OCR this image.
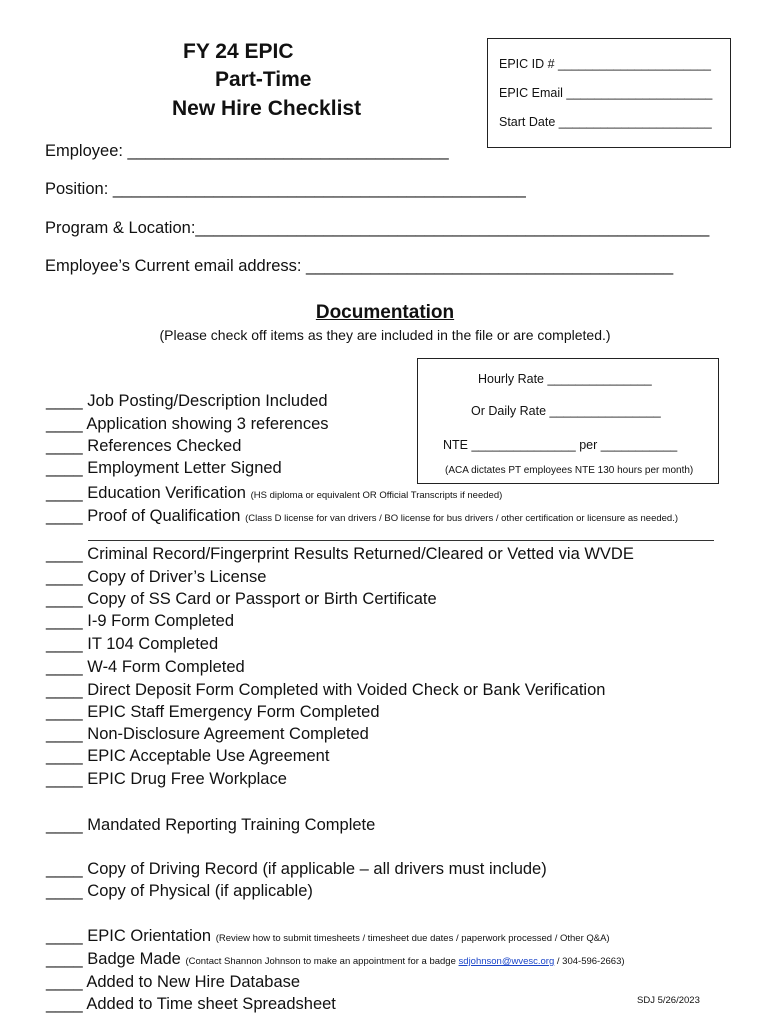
FY 24 EPIC
Part-Time
New Hire Checklist
EPIC ID # ______________________
EPIC Email _____________________
Start Date ______________________
Employee: ___________________________________
Position: _____________________________________________
Program & Location:________________________________________________________
Employee’s Current email address: ________________________________________
Documentation
(Please check off items as they are included in the file or are completed.)
Hourly Rate _______________
Or Daily Rate ________________
NTE _______________ per ___________
(ACA dictates PT employees NTE 130 hours per month)
____ Job Posting/Description Included
____ Application showing 3 references
____ References Checked
____ Employment Letter Signed
____ Education Verification (HS diploma or equivalent OR Official Transcripts if needed)
____ Proof of Qualification (Class D license for van drivers / BO license for bus drivers / other certification or licensure as needed.)
____ Criminal Record/Fingerprint Results Returned/Cleared or Vetted via WVDE
____ Copy of Driver’s License
____ Copy of SS Card or Passport or Birth Certificate
____ I-9 Form Completed
____ IT 104 Completed
____ W-4 Form Completed
____ Direct Deposit Form Completed with Voided Check or Bank Verification
____ EPIC Staff Emergency Form Completed
____ Non-Disclosure Agreement Completed
____ EPIC Acceptable Use Agreement
____ EPIC Drug Free Workplace
____ Mandated Reporting Training Complete
____ Copy of Driving Record (if applicable – all drivers must include)
____ Copy of Physical (if applicable)
____ EPIC Orientation (Review how to submit timesheets / timesheet due dates / paperwork processed / Other Q&A)
____ Badge Made (Contact Shannon Johnson to make an appointment for a badge sdjohnson@wvesc.org / 304-596-2663)
____ Added to New Hire Database
____ Added to Time sheet Spreadsheet	SDJ 5/26/2023
